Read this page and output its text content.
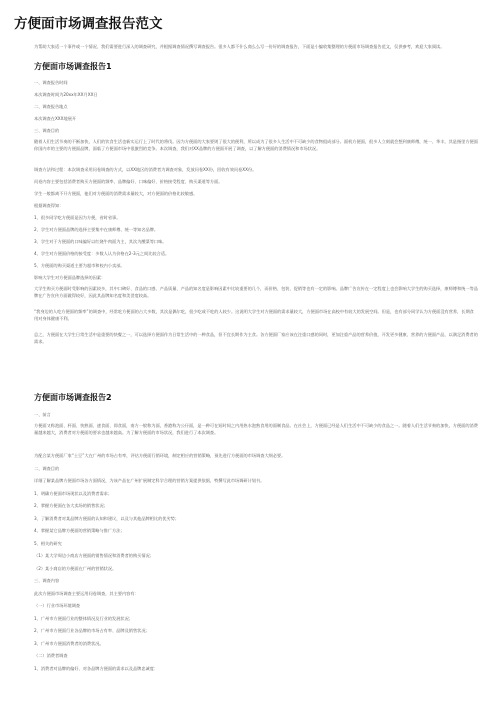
方便面市场调查报告范文

为帮助大家适一个事件或一个情况、我们需要进行深入的调查研究，并根据调查情况撰写调查报告。很多人都不什么商么么写一份好的调查报告，下面是小编收集整理的方便面市场调查报告范文，仅供参考，欢迎大家阅读。

方便面市场调查报告1

一、调查报告时间

本次调查时间为20xx年XX月XX日

二、调查报告地点

本次调查在XXX地展开

三、调查目的

随着人们生活节奏的不断加快，人们的饮食生活也新实运行上了时代的将伐。因为方便面的大家要则了很大的便利，所以成为了很多人生活中不可缺少的食物组成部分。面机方便面，很多人立刻就会想到康师傅，统一、华丰，其是指里方便面你国内市的主要的方便面品牌，面临了方便面市场中很激烈的竞争。本次调查，我们对XX品牌的方便面开展了调查，以了解方便面的消费情况和市场状况。

调查方法和过程：本次调查采用问卷调查的方式，以XX地区的消费者为调查对象，发放问卷XX份，回收有效问卷XX份。

问卷内容主要包括消费者购买方便面的频率、品牌偏好、口味偏好、价格接受程度、购买渠道等方面。

学生一般都离不开方便面，他们对方便面的消费需求量较大，对方便面的价格比较敏感。

根据调查得知：

1、很多同学吃方便面是因为方便，省时省事。

2、学生对方便面品牌的选择主要集中在康师傅、统一等知名品牌。

3、学生对于方便面的口味偏好以红烧牛肉面为主，其次为酸菜等口味。

4、学生对方便面价格的接受度：多数人认为价格在2-3元之间比较合适。

5、方便面的购买渠道主要为超市和校内小卖部。

影响大学生对方便面品牌选择的因素：

大学生购买方便面时受影响的因素较多，其中口碑好、食品的口感、产品质量、产品的知名度是影响因素中比较重要的几个，而价格、包装、促销等也有一定的影响。品牌广告宣传在一定程度上也会影响大学生的购买选择，康师傅和统一等品牌在广告宣传方面做得较好，因此其品牌知名度和美誉度较高。

“我身边的人吃方便面的频率”的调查中，经常吃方便面的占大多数，其次是偶尔吃，很少吃或不吃的人较少。这说明大学生对方便面的需求量较大，方便面市场在高校中有较大的发展空间。但是，也有部分同学认为方便面没有营养，长期食用对身体健康不利。

总之，方便面在大学生日常生活中是重要的快餐之一，可以选择方便面作为日常生活中的一种食品，但不宜长期作为主食。各方便面厂家应该在注重口感的同时，更加注重产品的营养价值，开发更多健康、营养的方便面产品，以满足消费者的需求。

方便面市场调查报告2

一、前言

方便面又称泡面、杯面、快熟面、速食面、即食面，南方一般称为面，香港称为公仔面，是一种可在短时间之内用热水泡熟食用的面制食品。在社会上，方便面已经是人们生活中不可缺少的食品之一。随着人们生活节奏的加快，方便面的消费量越来越大，消费者对方便面的要求也越来越高。为了解方便面的市场状况，我们进行了本次调查。

为配合某方便面厂家“土豆”大在广州的市场占有率，评估方便面行销环境，制定相应的营销策略，预先进行方便面的市场调查大纲必要。

二、调查目的

详细了解某品牌方便面市场各方面情况，为该产品在广州扩展制定科学合理的营销方案提供依据，特撰写此市场调研计划书。

1、明确方便面市场现状以及消费者需求；

2、掌握方便面在各大卖场的销售状况；

3、了解消费者对某品牌方便面的认知和建议，以及与其他品牌相比的优劣势；

4、掌握某它品牌方便面的营销策略与推广方法；

5、相关的研究

（1）某大学周边小商店方便面的销售情况和消费者的购买情况；

（2）某小商店的方便面在广州的营销状况。

三、调查内容

此次方便面市场调查主要运用问卷调查，其主要内容有：

（一）行业市场环境调查

1、广州市方便面行业的整体情况及行业的发展状况；

2、广州市方便面行业各品牌的市场占有率、品牌及销售状况；

3、广州市方便面消费者的消费状况。

（二）消费者调查

1、消费者对品牌的偏好、对各品牌方便面的需求以及品牌忠诚度：
